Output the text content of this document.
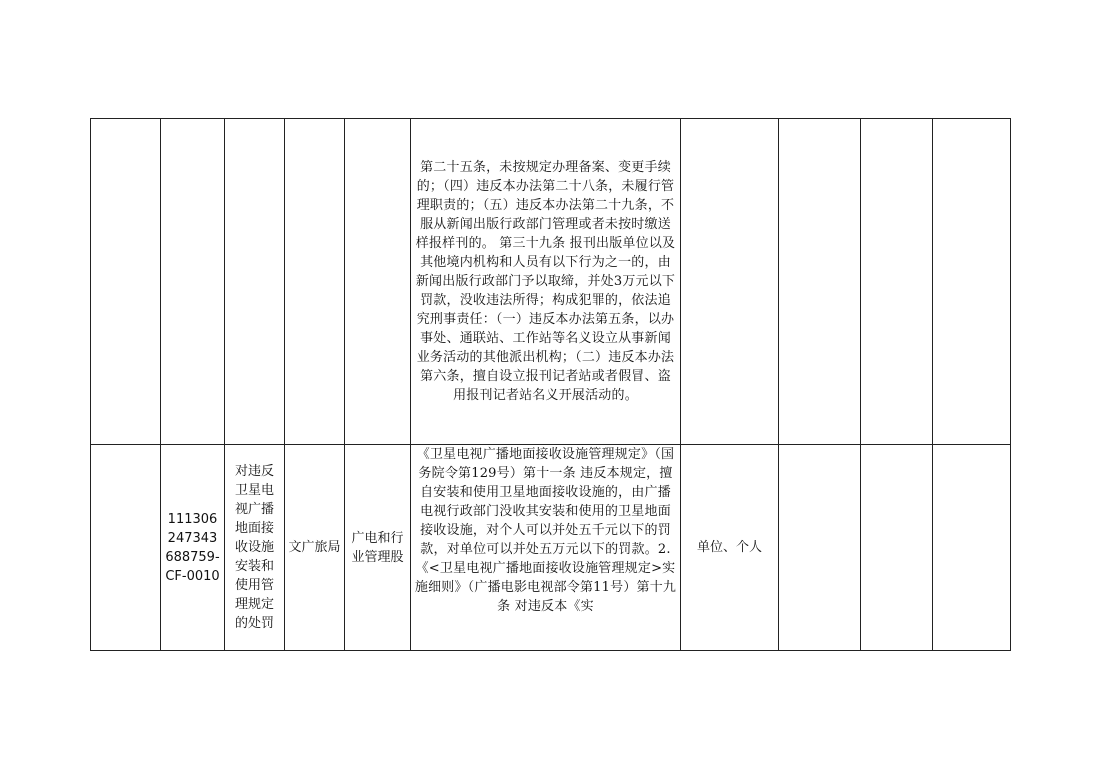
					第二十五条，未按规定办理备案、变更手续的；（四）违反本办法第二十八条，未履行管理职责的；（五）违反本办法第二十九条，不服从新闻出版行政部门管理或者未按时缴送样报样刊的。 第三十九条 报刊出版单位以及其他境内机构和人员有以下行为之一的，由新闻出版行政部门予以取缔，并处3万元以下罚款，没收违法所得；构成犯罪的，依法追究刑事责任：（一）违反本办法第五条，以办事处、通联站、工作站等名义设立从事新闻业务活动的其他派出机构；（二）违反本办法第六条，擅自设立报刊记者站或者假冒、盗用报刊记者站名义开展活动的。				

	111306247343688759-CF-0010	对违反卫星电视广播地面接收设施安装和使用管理规定的处罚	文广旅局	广电和行业管理股	《卫星电视广播地面接收设施管理规定》（国务院令第129号）第十一条 违反本规定，擅自安装和使用卫星地面接收设施的，由广播电视行政部门没收其安装和使用的卫星地面接收设施，对个人可以并处五千元以下的罚款，对单位可以并处五万元以下的罚款。2.《<卫星电视广播地面接收设施管理规定>实施细则》（广播电影电视部令第11号）第十九条 对违反本《实	单位、个人			
